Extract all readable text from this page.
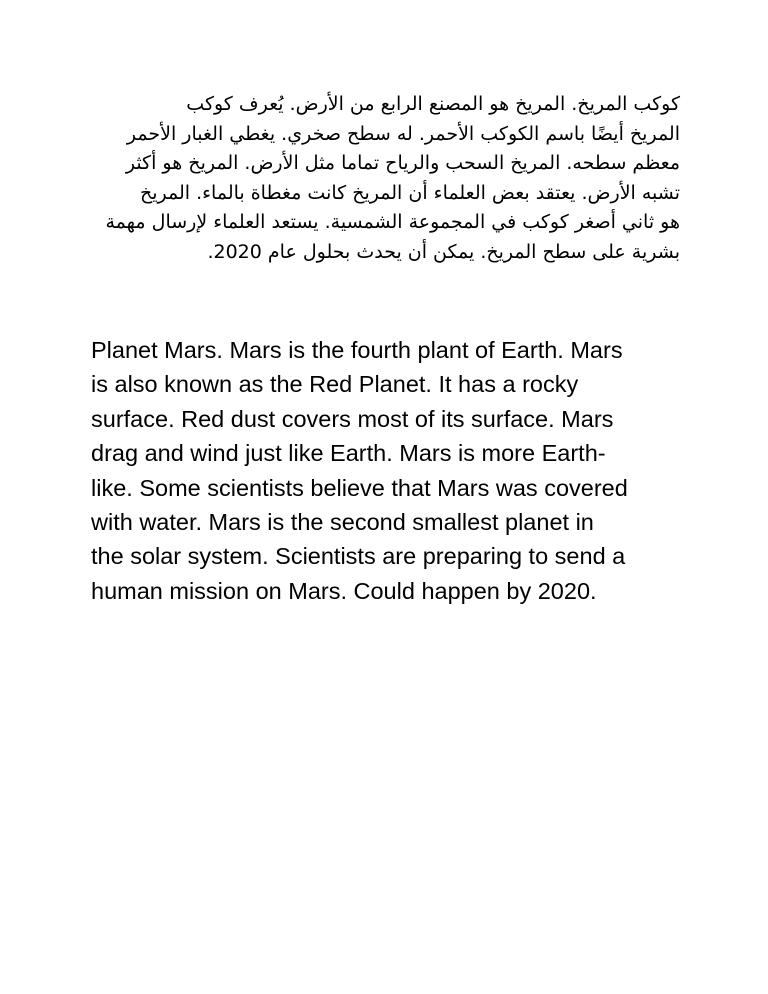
كوكب المريخ. المريخ هو المصنع الرابع من الأرض. يُعرف كوكب
المريخ أيضًا باسم الكوكب الأحمر. له سطح صخري. يغطي الغبار الأحمر
معظم سطحه. المريخ السحب والرياح تماما مثل الأرض. المريخ هو أكثر
تشبه الأرض. يعتقد بعض العلماء أن المريخ كانت مغطاة بالماء. المريخ
هو ثاني أصغر كوكب في المجموعة الشمسية. يستعد العلماء لإرسال مهمة
بشرية على سطح المريخ. يمكن أن يحدث بحلول عام 2020.
Planet Mars. Mars is the fourth plant of Earth. Mars
is also known as the Red Planet. It has a rocky
surface. Red dust covers most of its surface. Mars
drag and wind just like Earth. Mars is more Earth-
like. Some scientists believe that Mars was covered
with water. Mars is the second smallest planet in
the solar system. Scientists are preparing to send a
human mission on Mars. Could happen by 2020.
